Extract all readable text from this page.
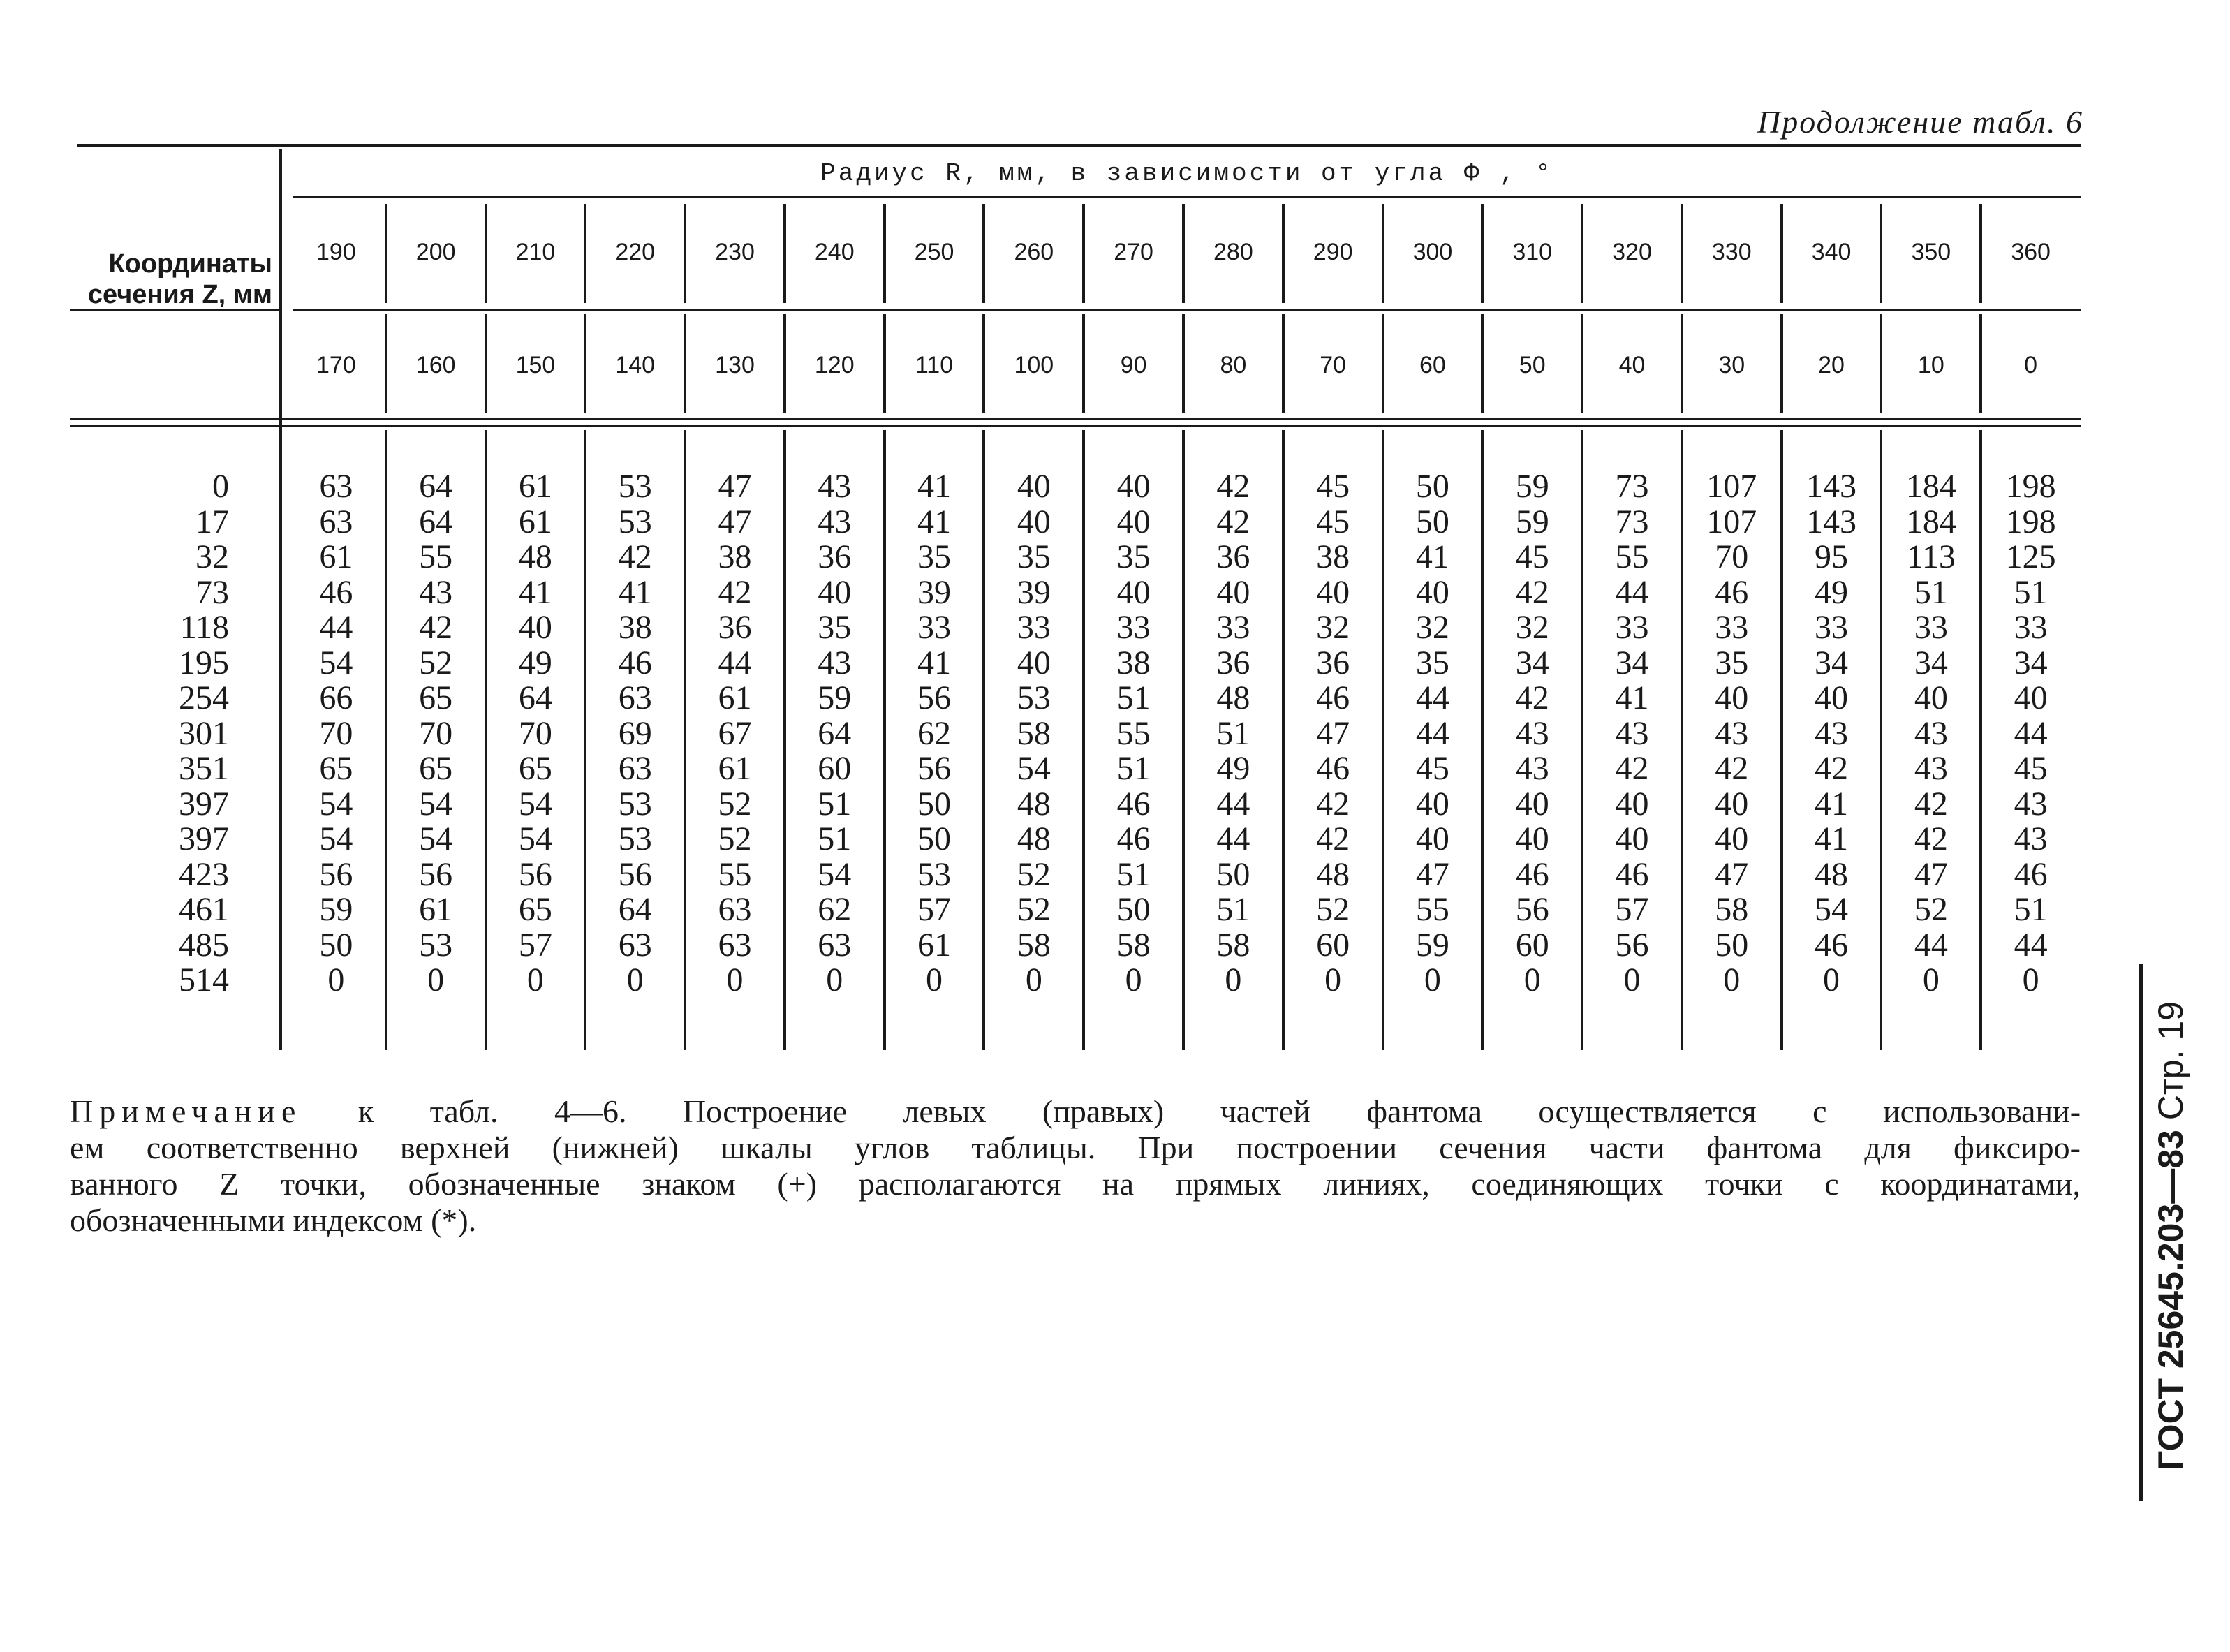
Продолжение табл. 6
Радиус R, мм, в зависимости от угла Φ , °
Координаты
сечения Z, мм
0
17
32
73
118
195
254
301
351
397
397
423
461
485
514
190
170
200
160
210
150
220
140
230
130
240
120
250
110
260
100
270
90
280
80
290
70
300
60
310
50
320
40
330
30
340
20
350
10
360
0
63
63
61
46
44
54
66
70
65
54
54
56
59
50
0
64
64
55
43
42
52
65
70
65
54
54
56
61
53
0
61
61
48
41
40
49
64
70
65
54
54
56
65
57
0
53
53
42
41
38
46
63
69
63
53
53
56
64
63
0
47
47
38
42
36
44
61
67
61
52
52
55
63
63
0
43
43
36
40
35
43
59
64
60
51
51
54
62
63
0
41
41
35
39
33
41
56
62
56
50
50
53
57
61
0
40
40
35
39
33
40
53
58
54
48
48
52
52
58
0
40
40
35
40
33
38
51
55
51
46
46
51
50
58
0
42
42
36
40
33
36
48
51
49
44
44
50
51
58
0
45
45
38
40
32
36
46
47
46
42
42
48
52
60
0
50
50
41
40
32
35
44
44
45
40
40
47
55
59
0
59
59
45
42
32
34
42
43
43
40
40
46
56
60
0
73
73
55
44
33
34
41
43
42
40
40
46
57
56
0
107
107
70
46
33
35
40
43
42
40
40
47
58
50
0
143
143
95
49
33
34
40
43
42
41
41
48
54
46
0
184
184
113
51
33
34
40
43
43
42
42
47
52
44
0
198
198
125
51
33
34
40
44
45
43
43
46
51
44
0
Примечание к табл. 4—6. Построение левых (правых) частей фантома осуществляется с использовани-
ем соответственно верхней (нижней) шкалы углов таблицы. При построении сечения части фантома для фиксиро-
ванного Z точки, обозначенные знаком (+) располагаются на прямых линиях, соединяющих точки с координатами,
обозначенными индексом (*).	ГОСТ 25645.203—83 Стр. 19
